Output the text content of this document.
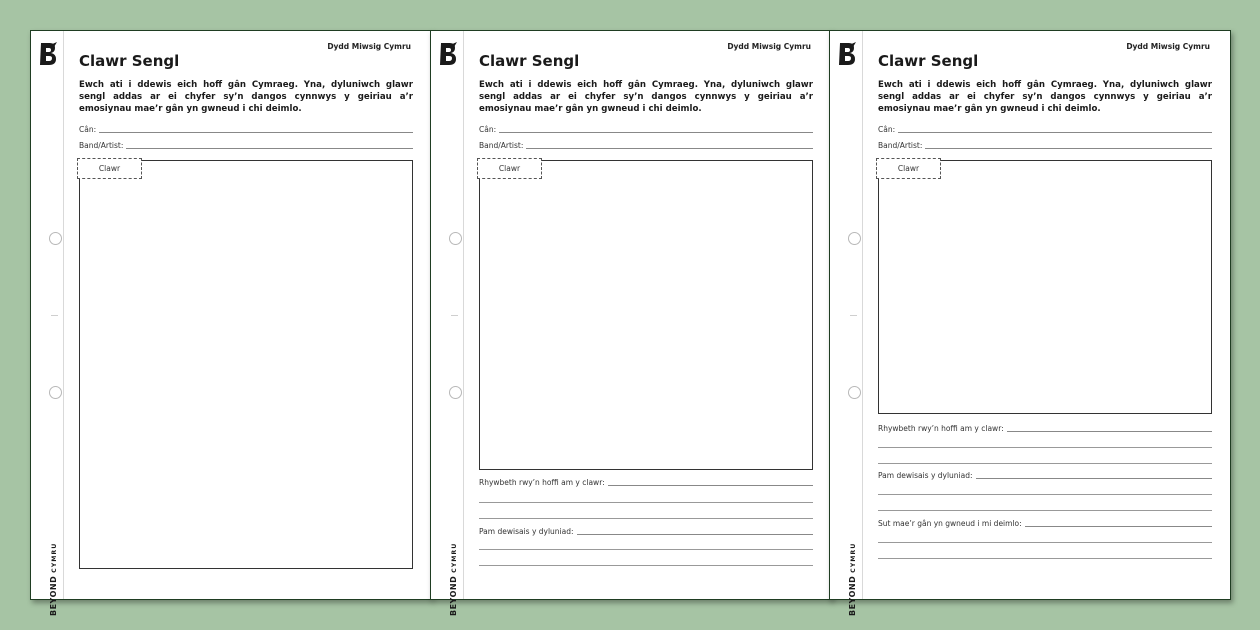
BEYONDCYMRU
Dydd Miwsig Cymru
Clawr Sengl
Ewch ati i ddewis eich hoff gân Cymraeg. Yna, dyluniwch glawr sengl addas ar ei chyfer sy’n dangos cynnwys y geiriau a’r emosiynau mae’r gân yn gwneud i chi deimlo.
Cân:
Band/Artist:
Clawr
BEYONDCYMRU
Dydd Miwsig Cymru
Clawr Sengl
Ewch ati i ddewis eich hoff gân Cymraeg. Yna, dyluniwch glawr sengl addas ar ei chyfer sy’n dangos cynnwys y geiriau a’r emosiynau mae’r gân yn gwneud i chi deimlo.
Cân:
Band/Artist:
Clawr
Rhywbeth rwy’n hoffi am y clawr:
Pam dewisais y dyluniad:
BEYONDCYMRU
Dydd Miwsig Cymru
Clawr Sengl
Ewch ati i ddewis eich hoff gân Cymraeg. Yna, dyluniwch glawr sengl addas ar ei chyfer sy’n dangos cynnwys y geiriau a’r emosiynau mae’r gân yn gwneud i chi deimlo.
Cân:
Band/Artist:
Clawr
Rhywbeth rwy’n hoffi am y clawr:
Pam dewisais y dyluniad:
Sut mae’r gân yn gwneud i mi deimlo:
